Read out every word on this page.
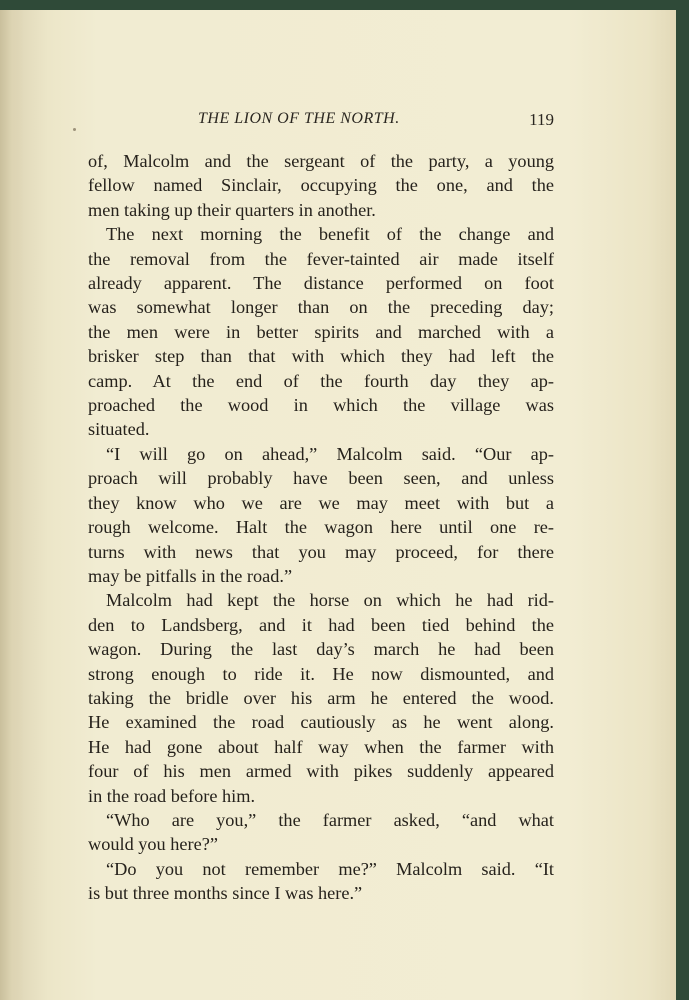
THE LION OF THE NORTH.	119
of, Malcolm and the sergeant of the party, a young
fellow named Sinclair, occupying the one, and the
men taking up their quarters in another.
The next morning the benefit of the change and
the removal from the fever-tainted air made itself
already apparent. The distance performed on foot
was somewhat longer than on the preceding day;
the men were in better spirits and marched with a
brisker step than that with which they had left the
camp. At the end of the fourth day they ap-
proached the wood in which the village was
situated.
“I will go on ahead,” Malcolm said. “Our ap-
proach will probably have been seen, and unless
they know who we are we may meet with but a
rough welcome. Halt the wagon here until one re-
turns with news that you may proceed, for there
may be pitfalls in the road.”
Malcolm had kept the horse on which he had rid-
den to Landsberg, and it had been tied behind the
wagon. During the last day’s march he had been
strong enough to ride it. He now dismounted, and
taking the bridle over his arm he entered the wood.
He examined the road cautiously as he went along.
He had gone about half way when the farmer with
four of his men armed with pikes suddenly appeared
in the road before him.
“Who are you,” the farmer asked, “and what
would you here?”
“Do you not remember me?” Malcolm said. “It
is but three months since I was here.”
